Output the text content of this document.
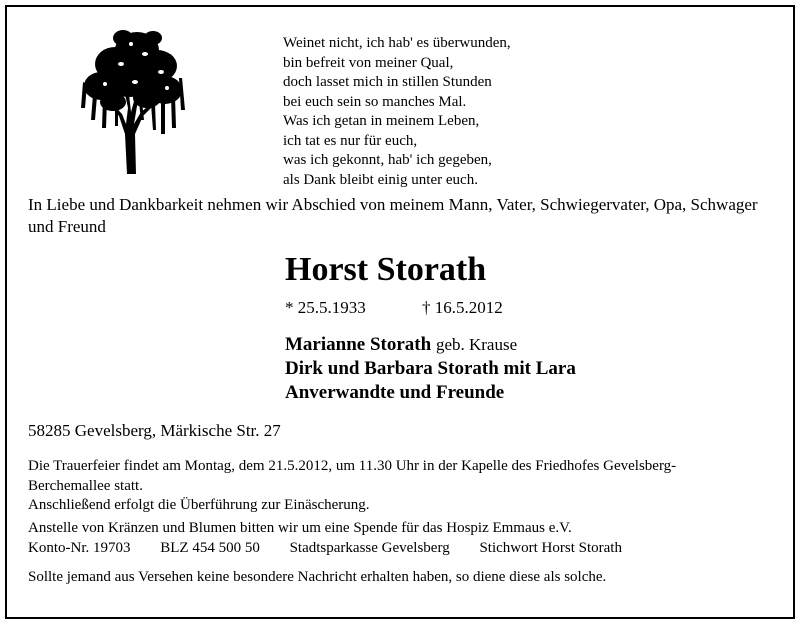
Weinet nicht, ich hab' es überwunden,
bin befreit von meiner Qual,
doch lasset mich in stillen Stunden
bei euch sein so manches Mal.
Was ich getan in meinem Leben,
ich tat es nur für euch,
was ich gekonnt, hab' ich gegeben,
als Dank bleibt einig unter euch.
In Liebe und Dankbarkeit nehmen wir Abschied von meinem Mann, Vater, Schwiegervater, Opa, Schwager und Freund
Horst Storath
* 25.5.1933	† 16.5.2012
Marianne Storath geb. Krause
Dirk und Barbara Storath mit Lara
Anverwandte und Freunde
58285 Gevelsberg, Märkische Str. 27
Die Trauerfeier findet am Montag, dem 21.5.2012, um 11.30 Uhr in der Kapelle des Friedhofes Gevelsberg-
Berchemallee statt.
Anschließend erfolgt die Überführung zur Einäscherung.
Anstelle von Kränzen und Blumen bitten wir um eine Spende für das Hospiz Emmaus e.V.
Konto-Nr. 19703 BLZ 454 500 50 Stadtsparkasse Gevelsberg Stichwort Horst Storath
Sollte jemand aus Versehen keine besondere Nachricht erhalten haben, so diene diese als solche.
